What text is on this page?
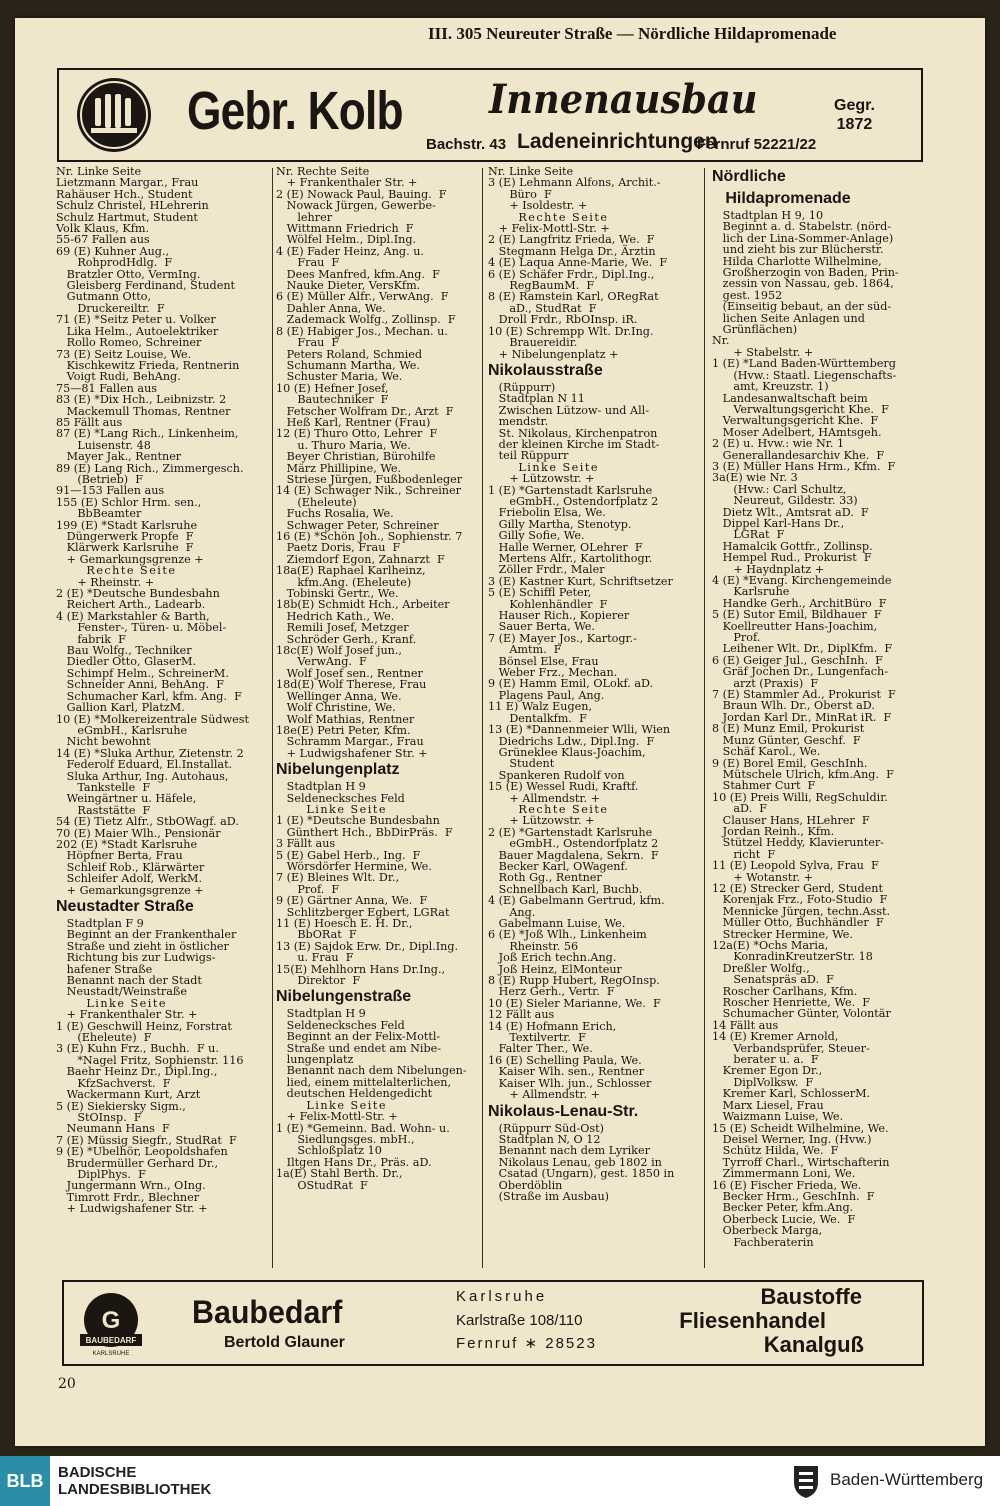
III. 305 Neureuter Straße — Nördliche Hildapromenade
Gebr. Kolb Innenausbau
Bachstr. 43 Ladeneinrichtungen
Fernruf 52221/22
Gegr.
1872
Nr. Linke Seite
Lietzmann Margar., Frau
Rahäuser Hch., Student
Schulz Christel, HLehrerin
Schulz Hartmut, Student
Volk Klaus, Kfm.
55-67 Fallen aus
69 (E) Kuhner Aug.,
RohprodHdlg.  F
Bratzler Otto, VermIng.
Gleisberg Ferdinand, Student
Gutmann Otto,
Druckereiltr.  F
71 (E) *Seitz Peter u. Volker
Lika Helm., Autoelektriker
Rollo Romeo, Schreiner
73 (E) Seitz Louise, We.
Kischkewitz Frieda, Rentnerin
Voigt Rudi, BehAng.
75—81 Fallen aus
83 (E) *Dix Hch., Leibnizstr. 2
Mackemull Thomas, Rentner
85 Fällt aus
87 (E) *Lang Rich., Linkenheim,
Luisenstr. 48
Mayer Jak., Rentner
89 (E) Lang Rich., Zimmergesch.
(Betrieb)  F
91—153 Fallen aus
155 (E) Schlor Hrm. sen.,
BbBeamter
199 (E) *Stadt Karlsruhe
Düngerwerk Propfe  F
Klärwerk Karlsruhe  F
+ Gemarkungsgrenze +
Rechte Seite
+ Rheinstr. +
2 (E) *Deutsche Bundesbahn
Reichert Arth., Ladearb.
4 (E) Markstahler & Barth,
Fenster-, Türen- u. Möbel-
fabrik  F
Bau Wolfg., Techniker
Diedler Otto, GlaserM.
Schimpf Helm., SchreinerM.
Schneider Anni, BehAng.  F
Schumacher Karl, kfm. Ang.  F
Gallion Karl, PlatzM.
10 (E) *Molkereizentrale Südwest
eGmbH., Karlsruhe
Nicht bewohnt
14 (E) *Sluka Arthur, Zietenstr. 2
Federolf Eduard, El.Installat.
Sluka Arthur, Ing. Autohaus,
Tankstelle  F
Weingärtner u. Häfele,
Raststätte  F
54 (E) Tietz Alfr., StbOWagf. aD.
70 (E) Maier Wlh., Pensionär
202 (E) *Stadt Karlsruhe
Höpfner Berta, Frau
Schleif Rob., Klärwärter
Schleifer Adolf, WerkM.
+ Gemarkungsgrenze +
Neustadter Straße
Stadtplan F 9
Beginnt an der Frankenthaler
Straße und zieht in östlicher
Richtung bis zur Ludwigs-
hafener Straße
Benannt nach der Stadt
Neustadt/Weinstraße
Linke Seite
+ Frankenthaler Str. +
1 (E) Geschwill Heinz, Forstrat
(Eheleute)  F
3 (E) Kuhn Frz., Buchh.  F u.
*Nagel Fritz, Sophienstr. 116
Baehr Heinz Dr., Dipl.Ing.,
KfzSachverst.  F
Wackermann Kurt, Arzt
5 (E) Siekiersky Sigm.,
StOInsp.  F
Neumann Hans  F
7 (E) Müssig Siegfr., StudRat  F
9 (E) *Ubelhör, Leopoldshafen
Brudermüller Gerhard Dr.,
DiplPhys.  F
Jungermann Wrn., OIng.
Timrott Frdr., Blechner
+ Ludwigshafener Str. +
Nr. Rechte Seite
+ Frankenthaler Str. +
2 (E) Nowack Paul, Bauing.  F
Nowack Jürgen, Gewerbe-
lehrer
Wittmann Friedrich  F
Wölfel Helm., Dipl.Ing.
4 (E) Fader Heinz, Ang. u.
Frau  F
Dees Manfred, kfm.Ang.  F
Nauke Dieter, VersKfm.
6 (E) Müller Alfr., VerwAng.  F
Dahler Anna, We.
Zademack Wolfg., Zollinsp.  F
8 (E) Habiger Jos., Mechan. u.
Frau  F
Peters Roland, Schmied
Schumann Martha, We.
Schuster Maria, We.
10 (E) Hefner Josef,
Bautechniker  F
Fetscher Wolfram Dr., Arzt  F
Heß Karl, Rentner (Frau)
12 (E) Thuro Otto, Lehrer  F
u. Thuro Maria, We.
Beyer Christian, Bürohilfe
März Phillipine, We.
Striese Jürgen, Fußbodenleger
14 (E) Schwager Nik., Schreiner
(Eheleute)
Fuchs Rosalia, We.
Schwager Peter, Schreiner
16 (E) *Schön Joh., Sophienstr. 7
Paetz Doris, Frau  F
Ziemdorf Egon, Zahnarzt  F
18a(E) Raphael Karlheinz,
kfm.Ang. (Eheleute)
Tobinski Gertr., We.
18b(E) Schmidt Hch., Arbeiter
Hedrich Kath., We.
Remili Josef, Metzger
Schröder Gerh., Kranf.
18c(E) Wolf Josef jun.,
VerwAng.  F
Wolf Josef sen., Rentner
18d(E) Wolf Therese, Frau
Wellinger Anna, We.
Wolf Christine, We.
Wolf Mathias, Rentner
18e(E) Petri Peter, Kfm.
Schramm Margar., Frau
+ Ludwigshafener Str. +
Nibelungenplatz
Stadtplan H 9
Seldenecksches Feld
Linke Seite
1 (E) *Deutsche Bundesbahn
Günthert Hch., BbDirPräs.  F
3 Fällt aus
5 (E) Gabel Herb., Ing.  F
Wörsdörfer Hermine, We.
7 (E) Bleines Wlt. Dr.,
Prof.  F
9 (E) Gärtner Anna, We.  F
Schlitzberger Egbert, LGRat
11 (E) Hoesch E. H. Dr.,
BbORat  F
13 (E) Sajdok Erw. Dr., Dipl.Ing.
u. Frau  F
15(E) Mehlhorn Hans Dr.Ing.,
Direktor  F
Nibelungenstraße
Stadtplan H 9
Seldenecksches Feld
Beginnt an der Felix-Mottl-
Straße und endet am Nibe-
lungenplatz
Benannt nach dem Nibelungen-
lied, einem mittelalterlichen,
deutschen Heldengedicht
Linke Seite
+ Felix-Mottl-Str. +
1 (E) *Gemeinn. Bad. Wohn- u.
Siedlungsges. mbH.,
Schloßplatz 10
Iltgen Hans Dr., Präs. aD.
1a(E) Stahl Berth. Dr.,
OStudRat  F
Nr. Linke Seite
3 (E) Lehmann Alfons, Archit.-
Büro  F
+ Isoldestr. +
Rechte Seite
+ Felix-Mottl-Str. +
2 (E) Langfritz Frieda, We.  F
Stegmann Helga Dr., Ärztin
4 (E) Laqua Anne-Marie, We.  F
6 (E) Schäfer Frdr., Dipl.Ing.,
RegBaumM.  F
8 (E) Ramstein Karl, ORegRat
aD., StudRat  F
Droll Frdr., RbOInsp. iR.
10 (E) Schrempp Wlt. Dr.Ing.
Brauereidir.
+ Nibelungenplatz +
Nikolausstraße
(Rüppurr)
Stadtplan N 11
Zwischen Lützow- und All-
mendstr.
St. Nikolaus, Kirchenpatron
der kleinen Kirche im Stadt-
teil Rüppurr
Linke Seite
+ Lützowstr. +
1 (E) *Gartenstadt Karlsruhe
eGmbH., Ostendorfplatz 2
Friebolin Elsa, We.
Gilly Martha, Stenotyp.
Gilly Sofie, We.
Halle Werner, OLehrer  F
Mertens Alfr., Kartolithogr.
Zöller Frdr., Maler
3 (E) Kastner Kurt, Schriftsetzer
5 (E) Schiffl Peter,
Kohlenhändler  F
Hauser Rich., Kopierer
Sauer Berta, We.
7 (E) Mayer Jos., Kartogr.-
Amtm.  F
Bönsel Else, Frau
Weber Frz., Mechan.
9 (E) Hamm Emil, OLokf. aD.
Plagens Paul, Ang.
11 E) Walz Eugen,
Dentalkfm.  F
13 (E) *Dannenmeier Wlli, Wien
Diedrichs Ldw., Dipl.Ing.  F
Grüneklee Klaus-Joachim,
Student
Spankeren Rudolf von
15 (E) Wessel Rudi, Kraftf.
+ Allmendstr. +
Rechte Seite
+ Lützowstr. +
2 (E) *Gartenstadt Karlsruhe
eGmbH., Ostendorfplatz 2
Bauer Magdalena, Sekrn.  F
Becker Karl, OWagenf.
Roth Gg., Rentner
Schnellbach Karl, Buchb.
4 (E) Gabelmann Gertrud, kfm.
Ang.
Gabelmann Luise, We.
6 (E) *Joß Wlh., Linkenheim
Rheinstr. 56
Joß Erich techn.Ang.
Joß Heinz, ElMonteur
8 (E) Rupp Hubert, RegOInsp.
Herz Gerh., Vertr.  F
10 (E) Sieler Marianne, We.  F
12 Fällt aus
14 (E) Hofmann Erich,
Textilvertr.  F
Falter Ther., We.
16 (E) Schelling Paula, We.
Kaiser Wlh. sen., Rentner
Kaiser Wlh. jun., Schlosser
+ Allmendstr. +
Nikolaus-Lenau-Str.
(Rüppurr Süd-Ost)
Stadtplan N, O 12
Benannt nach dem Lyriker
Nikolaus Lenau, geb 1802 in
Csatad (Ungarn), gest. 1850 in
Oberdöblin
(Straße im Ausbau)
Nördliche
Hildapromenade
Stadtplan H 9, 10
Beginnt a. d. Stabelstr. (nörd-
lich der Lina-Sommer-Anlage)
und zieht bis zur Blücherstr.
Hilda Charlotte Wilhelmine,
Großherzogin von Baden, Prin-
zessin von Nassau, geb. 1864,
gest. 1952
(Einseitig bebaut, an der süd-
lichen Seite Anlagen und
Grünflächen)
Nr.
+ Stabelstr. +
1 (E) *Land Baden-Württemberg
(Hvw.: Staatl. Liegenschafts-
amt, Kreuzstr. 1)
Landesanwaltschaft beim
Verwaltungsgericht Khe.  F
Verwaltungsgericht Khe.  F
Moser Adelbert, HAmtsgeh.
2 (E) u. Hvw.: wie Nr. 1
Generallandesarchiv Khe.  F
3 (E) Müller Hans Hrm., Kfm.  F
3a(E) wie Nr. 3
(Hvw.: Carl Schultz,
Neureut, Gildestr. 33)
Dietz Wlt., Amtsrat aD.  F
Dippel Karl-Hans Dr.,
LGRat  F
Hamalcik Gottfr., Zollinsp.
Hempel Rud., Prokurist  F
+ Haydnplatz +
4 (E) *Evang. Kirchengemeinde
Karlsruhe
Handke Gerh., ArchitBüro  F
5 (E) Sutor Emil, Bildhauer  F
Koellreutter Hans-Joachim,
Prof.
Leihener Wlt. Dr., DiplKfm.  F
6 (E) Geiger Jul., GeschInh.  F
Gräf Jochen Dr., Lungenfach-
arzt (Praxis)  F
7 (E) Stammler Ad., Prokurist  F
Braun Wlh. Dr., Oberst aD.
Jordan Karl Dr., MinRat iR.  F
8 (E) Munz Emil, Prokurist
Munz Günter, Geschf.  F
Schäf Karol., We.
9 (E) Borel Emil, GeschInh.
Mütschele Ulrich, kfm.Ang.  F
Stahmer Curt  F
10 (E) Preis Willi, RegSchuldir.
aD.  F
Clauser Hans, HLehrer  F
Jordan Reinh., Kfm.
Stützel Heddy, Klavierunter-
richt  F
11 (E) Leopold Sylva, Frau  F
+ Wotanstr. +
12 (E) Strecker Gerd, Student
Korenjak Frz., Foto-Studio  F
Mennicke Jürgen, techn.Asst.
Müller Otto, Buchhändler  F
Strecker Hermine, We.
12a(E) *Ochs Maria,
KonradinKreutzerStr. 18
Dreßler Wolfg.,
Senatspräs aD.  F
Roscher Carlhans, Kfm.
Roscher Henriette, We.  F
Schumacher Günter, Volontär
14 Fällt aus
14 (E) Kremer Arnold,
Verbandsprüfer, Steuer-
berater u. a.  F
Kremer Egon Dr.,
DiplVolksw.  F
Kremer Karl, SchlosserM.
Marx Liesel, Frau
Waizmann Luise, We.
15 (E) Scheidt Wilhelmine, We.
Deisel Werner, Ing. (Hvw.)
Schütz Hilda, We.  F
Tyrroff Charl., Wirtschafterin
Zimmermann Loni, We.
16 (E) Fischer Frieda, We.
Becker Hrm., GeschInh.  F
Becker Peter, kfm.Ang.
Oberbeck Lucie, We.  F
Oberbeck Marga,
Fachberaterin
G
BAUBEDARF
KARLSRUHE
Baubedarf
Bertold Glauner
Karlsruhe
Karlstraße 108/110
Fernruf ∗ 28523
Baustoffe
Fliesenhandel
Kanalguß
20
BLB BADISCHE
LANDESBIBLIOTHEK
Baden-Württemberg
